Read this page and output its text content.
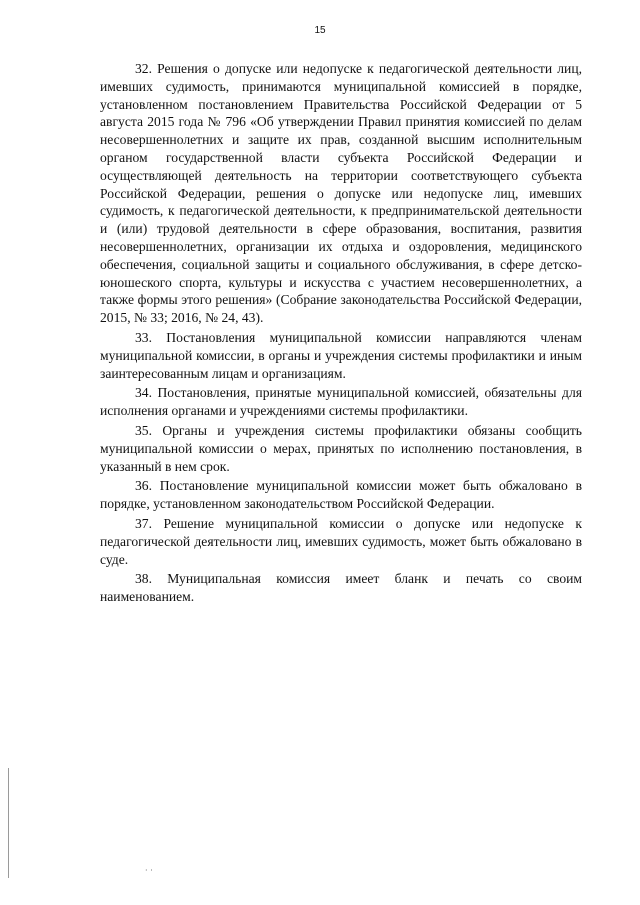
15

32. Решения о допуске или недопуске к педагогической деятельности лиц, имевших судимость, принимаются муниципальной комиссией в порядке, установленном постановлением Правительства Российской Федерации от 5 августа 2015 года № 796 «Об утверждении Правил принятия комиссией по делам несовершеннолетних и защите их прав, созданной высшим исполнительным органом государственной власти субъекта Российской Федерации и осуществляющей деятельность на территории соответствующего субъекта Российской Федерации, решения о допуске или недопуске лиц, имевших судимость, к педагогической деятельности, к предпринимательской деятельности и (или) трудовой деятельности в сфере образования, воспитания, развития несовершеннолетних, организации их отдыха и оздоровления, медицинского обеспечения, социальной защиты и социального обслуживания, в сфере детско-юношеского спорта, культуры и искусства с участием несовершеннолетних, а также формы этого решения» (Собрание законодательства Российской Федерации, 2015, № 33; 2016, № 24, 43).

33. Постановления муниципальной комиссии направляются членам муниципальной комиссии, в органы и учреждения системы профилактики и иным заинтересованным лицам и организациям.

34. Постановления, принятые муниципальной комиссией, обязательны для исполнения органами и учреждениями системы профилактики.

35. Органы и учреждения системы профилактики обязаны сообщить муниципальной комиссии о мерах, принятых по исполнению постановления, в указанный в нем срок.

36. Постановление муниципальной комиссии может быть обжаловано в порядке, установленном законодательством Российской Федерации.

37. Решение муниципальной комиссии о допуске или недопуске к педагогической деятельности лиц, имевших судимость, может быть обжаловано в суде.

38. Муниципальная комиссия имеет бланк и печать со своим наименованием.

· ·
